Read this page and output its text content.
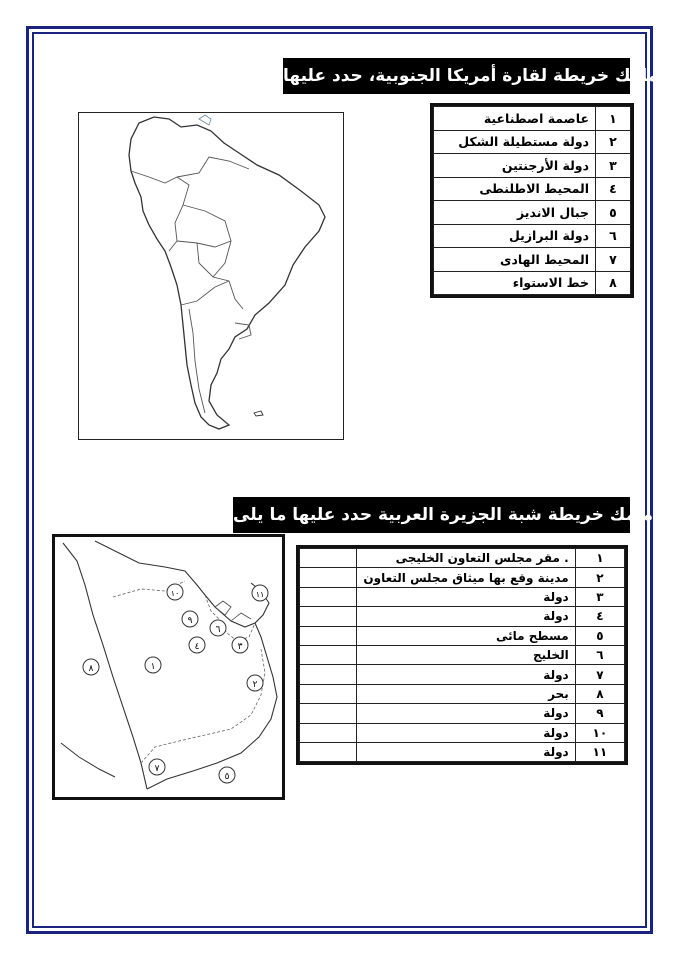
أمامك خريطة لقارة أمريكا الجنوبية، حدد عليها
١	عاصمة اصطناعية
٢	دولة مستطيلة الشكل
٣	دولة الأرجنتين
٤	المحيط الاطلنطى
٥	جبال الانديز
٦	دولة البرازيل
٧	المحيط الهادى
٨	خط الاستواء
أمامك خريطة شبة الجزيرة العربية حدد عليها ما يلى
١
٢
٣
٤
٥
٦
٧
٨
٩
١٠	١١
١	. مقر مجلس التعاون الخليجى	
٢	مدينة وقع بها ميثاق مجلس التعاون	
٣	دولة	
٤	دولة	
٥	مسطح مائى	
٦	الخليج	
٧	دولة	
٨	بحر	
٩	دولة	
١٠	دولة	
١١	دولة	
